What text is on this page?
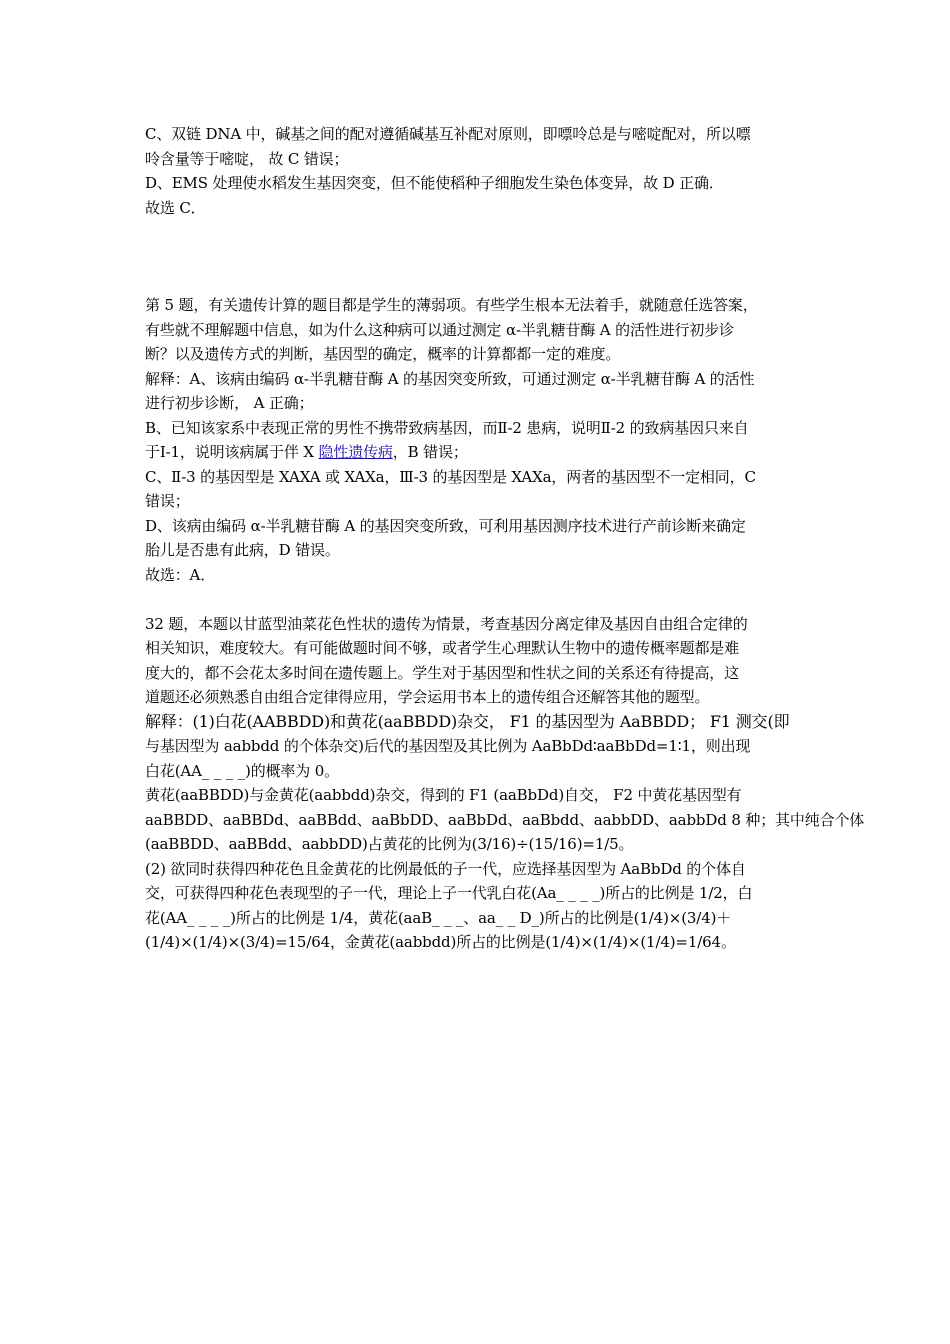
C、双链 DNA 中，碱基之间的配对遵循碱基互补配对原则，即嘌呤总是与嘧啶配对，所以嘌
呤含量等于嘧啶， 故 C 错误；
D、EMS 处理使水稻发生基因突变，但不能使稻种子细胞发生染色体变异，故 D 正确．
故选 C．
第 5 题，有关遗传计算的题目都是学生的薄弱项。有些学生根本无法着手，就随意任选答案，
有些就不理解题中信息，如为什么这种病可以通过测定 α-半乳糖苷酶 A 的活性进行初步诊
断？以及遗传方式的判断，基因型的确定，概率的计算都都一定的难度。
解释：A、该病由编码 α-半乳糖苷酶 A 的基因突变所致，可通过测定 α-半乳糖苷酶 A 的活性
进行初步诊断， A 正确；
B、已知该家系中表现正常的男性不携带致病基因，而Ⅱ-2 患病，说明Ⅱ-2 的致病基因只来自
于Ⅰ-1，说明该病属于伴 X 隐性遗传病，B 错误；
C、Ⅱ-3 的基因型是 XAXA 或 XAXa，Ⅲ-3 的基因型是 XAXa，两者的基因型不一定相同，C
错误；
D、该病由编码 α-半乳糖苷酶 A 的基因突变所致，可利用基因测序技术进行产前诊断来确定
胎儿是否患有此病，D 错误。
故选：A．
32 题，本题以甘蓝型油菜花色性状的遗传为情景，考查基因分离定律及基因自由组合定律的
相关知识，难度较大。有可能做题时间不够，或者学生心理默认生物中的遗传概率题都是难
度大的，都不会花太多时间在遗传题上。学生对于基因型和性状之间的关系还有待提高，这
道题还必须熟悉自由组合定律得应用，学会运用书本上的遗传组合还解答其他的题型。
解释：(1)白花(AABBDD)和黄花(aaBBDD)杂交， F1 的基因型为 AaBBDD； F1 测交(即
与基因型为 aabbdd 的个体杂交)后代的基因型及其比例为 AaBbDd∶aaBbDd=1∶1，则出现
白花(AA_ _ _ _)的概率为 0。
黄花(aaBBDD)与金黄花(aabbdd)杂交，得到的 F1 (aaBbDd)自交， F2 中黄花基因型有
aaBBDD、aaBBDd、aaBBdd、aaBbDD、aaBbDd、aaBbdd、aabbDD、aabbDd 8 种；其中纯合个体
(aaBBDD、aaBBdd、aabbDD)占黄花的比例为(3/16)÷(15/16)=1/5。
(2) 欲同时获得四种花色且金黄花的比例最低的子一代，应选择基因型为 AaBbDd 的个体自
交，可获得四种花色表现型的子一代，理论上子一代乳白花(Aa_ _ _ _)所占的比例是 1/2，白
花(AA_ _ _ _)所占的比例是 1/4，黄花(aaB_ _ _、aa_ _ D_)所占的比例是(1/4)×(3/4)＋
(1/4)×(1/4)×(3/4)=15/64，金黄花(aabbdd)所占的比例是(1/4)×(1/4)×(1/4)=1/64。
